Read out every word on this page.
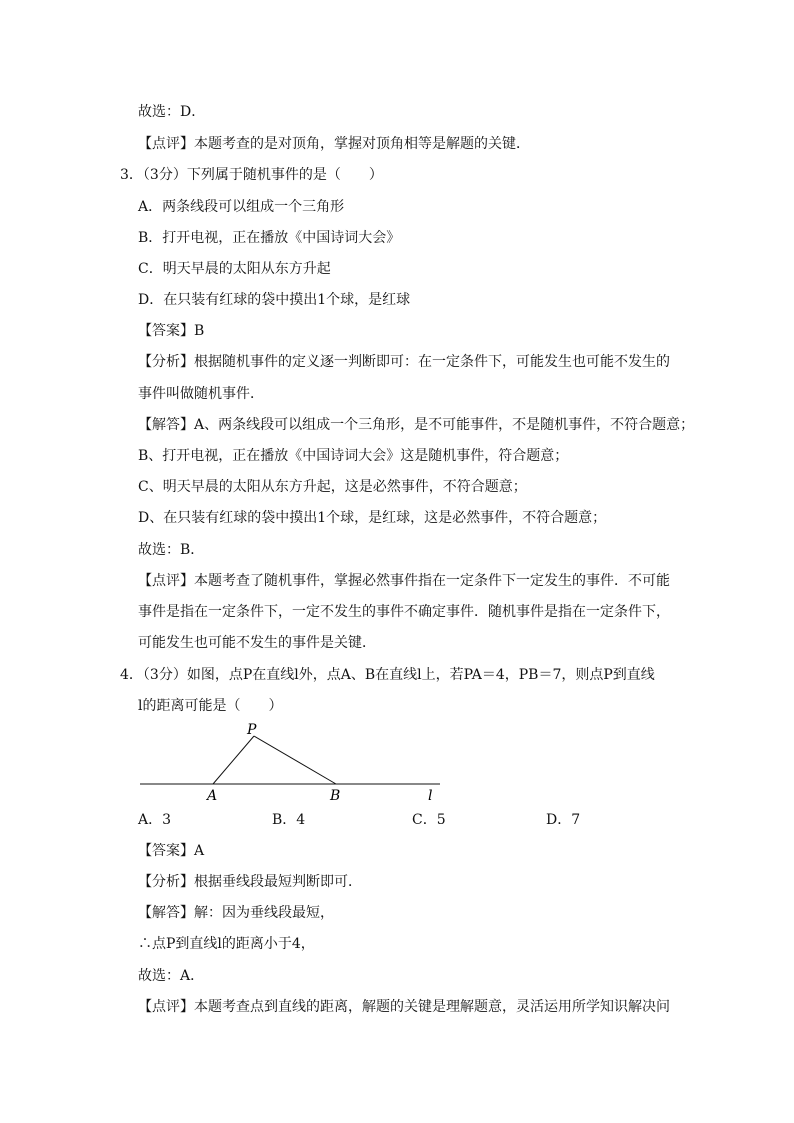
故选：D．
【点评】本题考查的是对顶角，掌握对顶角相等是解题的关键．
3．（3分）下列属于随机事件的是（　　）
A．两条线段可以组成一个三角形
B．打开电视，正在播放《中国诗词大会》
C．明天早晨的太阳从东方升起
D．在只装有红球的袋中摸出1个球，是红球
【答案】B
【分析】根据随机事件的定义逐一判断即可：在一定条件下，可能发生也可能不发生的
事件叫做随机事件．
【解答】A、两条线段可以组成一个三角形，是不可能事件，不是随机事件，不符合题意；
B、打开电视，正在播放《中国诗词大会》这是随机事件，符合题意；
C、明天早晨的太阳从东方升起，这是必然事件，不符合题意；
D、在只装有红球的袋中摸出1个球，是红球，这是必然事件，不符合题意；
故选：B．
【点评】本题考查了随机事件，掌握必然事件指在一定条件下一定发生的事件．不可能
事件是指在一定条件下，一定不发生的事件不确定事件．随机事件是指在一定条件下，
可能发生也可能不发生的事件是关键．
4．（3分）如图，点P在直线l外，点A、B在直线l上，若PA＝4，PB＝7，则点P到直线
l的距离可能是（　　）
P
A	B	l
A．3	B．4	C．5	D．7
【答案】A
【分析】根据垂线段最短判断即可．
【解答】解：因为垂线段最短，
∴点P到直线l的距离小于4，
故选：A．
【点评】本题考查点到直线的距离，解题的关键是理解题意，灵活运用所学知识解决问
